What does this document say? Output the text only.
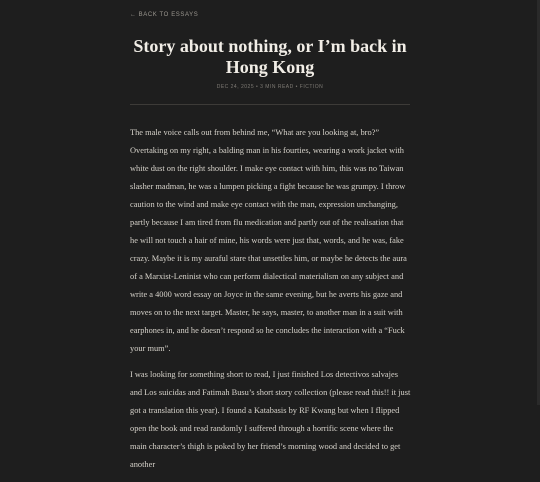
← BACK TO ESSAYS
Story about nothing, or I’m back in Hong Kong
DEC 24, 2025 • 3 MIN READ • FICTION

The male voice calls out from behind me, “What are you looking at, bro?” Overtaking on my right, a balding man in his fourties, wearing a work jacket with white dust on the right shoulder. I make eye contact with him, this was no Taiwan slasher madman, he was a lumpen picking a fight because he was grumpy. I throw caution to the wind and make eye contact with the man, expression unchanging, partly because I am tired from flu medication and partly out of the realisation that he will not touch a hair of mine, his words were just that, words, and he was, fake crazy. Maybe it is my auraful stare that unsettles him, or maybe he detects the aura of a Marxist-Leninist who can perform dialectical materialism on any subject and write a 4000 word essay on Joyce in the same evening, but he averts his gaze and moves on to the next target. Master, he says, master, to another man in a suit with earphones in, and he doesn’t respond so he concludes the interaction with a “Fuck your mum”.

I was looking for something short to read, I just finished Los detectivos salvajes and Los suicidas and Fatimah Busu’s short story collection (please read this!! it just got a translation this year). I found a Katabasis by RF Kwang but when I flipped open the book and read randomly I suffered through a horrific scene where the main character’s thigh is poked by her friend’s morning wood and decided to get another
